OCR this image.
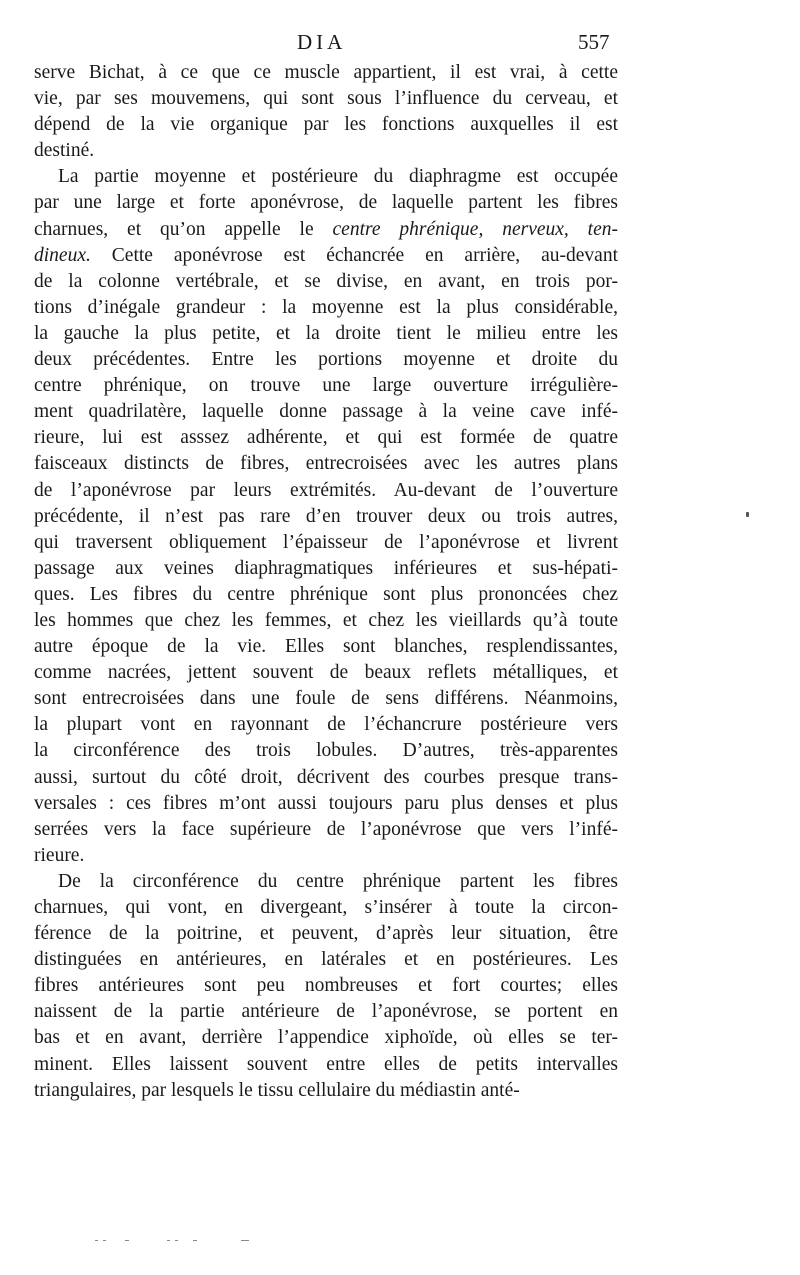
DIA	557
serve Bichat, à ce que ce muscle appartient, il est vrai, à cette
vie, par ses mouvemens, qui sont sous l’influence du cerveau, et
dépend de la vie organique par les fonctions auxquelles il est
destiné.
La partie moyenne et postérieure du diaphragme est occupée
par une large et forte aponévrose, de laquelle partent les fibres
charnues, et qu’on appelle le centre phrénique, nerveux, ten-
dineux. Cette aponévrose est échancrée en arrière, au-devant
de la colonne vertébrale, et se divise, en avant, en trois por-
tions d’inégale grandeur : la moyenne est la plus considérable,
la gauche la plus petite, et la droite tient le milieu entre les
deux précédentes. Entre les portions moyenne et droite du
centre phrénique, on trouve une large ouverture irrégulière-
ment quadrilatère, laquelle donne passage à la veine cave infé-
rieure, lui est asssez adhérente, et qui est formée de quatre
faisceaux distincts de fibres, entrecroisées avec les autres plans
de l’aponévrose par leurs extrémités. Au-devant de l’ouverture
précédente, il n’est pas rare d’en trouver deux ou trois autres,
qui traversent obliquement l’épaisseur de l’aponévrose et livrent
passage aux veines diaphragmatiques inférieures et sus-hépati-
ques. Les fibres du centre phrénique sont plus prononcées chez
les hommes que chez les femmes, et chez les vieillards qu’à toute
autre époque de la vie. Elles sont blanches, resplendissantes,
comme nacrées, jettent souvent de beaux reflets métalliques, et
sont entrecroisées dans une foule de sens différens. Néanmoins,
la plupart vont en rayonnant de l’échancrure postérieure vers
la circonférence des trois lobules. D’autres, très-apparentes
aussi, surtout du côté droit, décrivent des courbes presque trans-
versales : ces fibres m’ont aussi toujours paru plus denses et plus
serrées vers la face supérieure de l’aponévrose que vers l’infé-
rieure.
De la circonférence du centre phrénique partent les fibres
charnues, qui vont, en divergeant, s’insérer à toute la circon-
férence de la poitrine, et peuvent, d’après leur situation, être
distinguées en antérieures, en latérales et en postérieures. Les
fibres antérieures sont peu nombreuses et fort courtes; elles
naissent de la partie antérieure de l’aponévrose, se portent en
bas et en avant, derrière l’appendice xiphoïde, où elles se ter-
minent. Elles laissent souvent entre elles de petits intervalles
triangulaires, par lesquels le tissu cellulaire du médiastin anté-
